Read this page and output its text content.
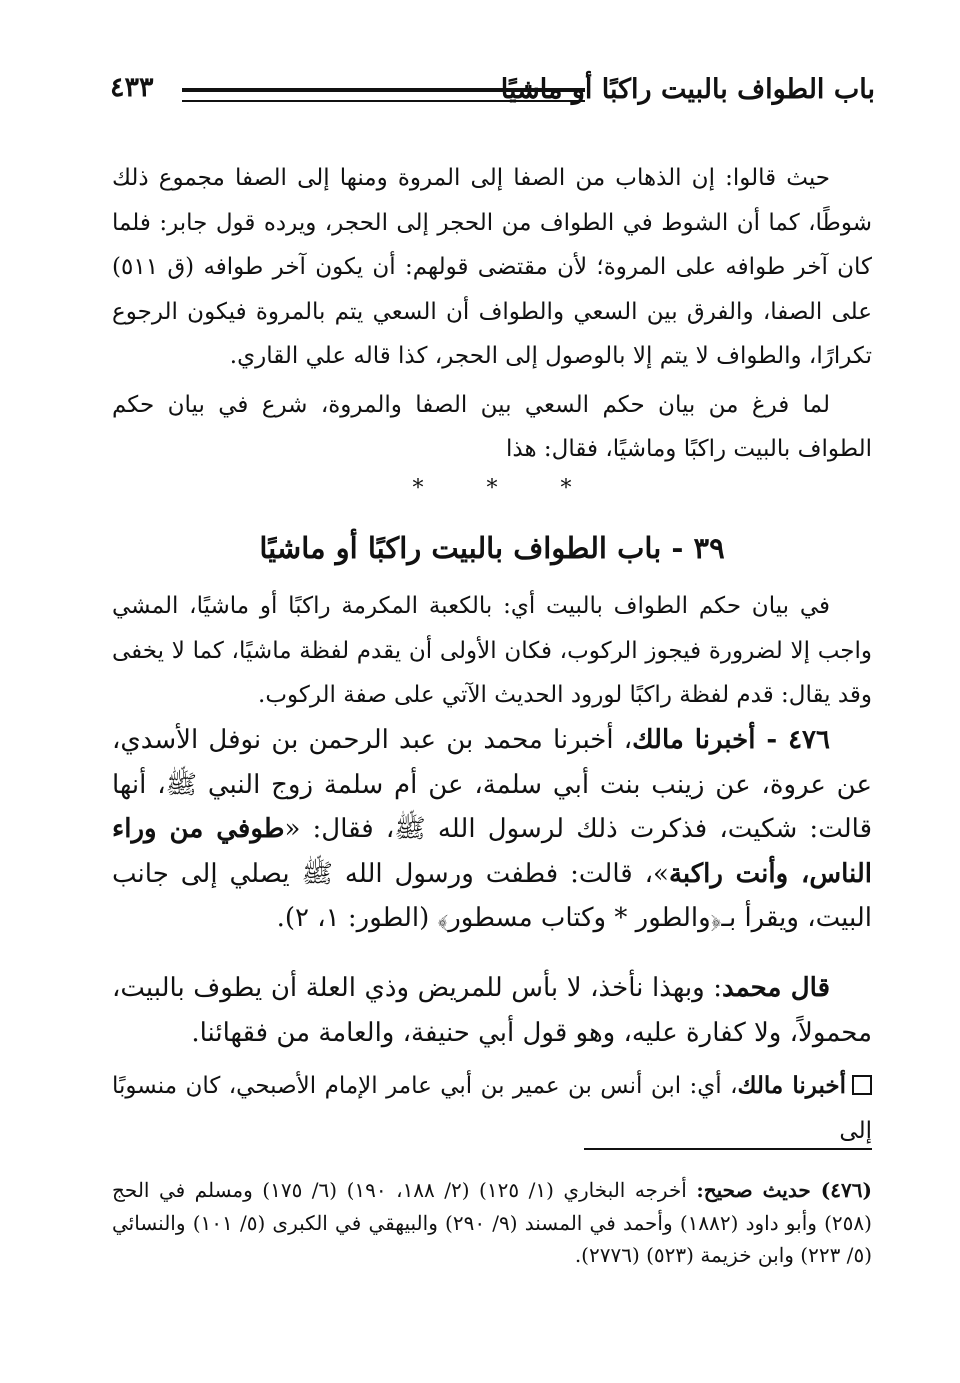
باب الطواف بالبيت راكبًا أو ماشيًا
٤٣٣

حيث قالوا: إن الذهاب من الصفا إلى المروة ومنها إلى الصفا مجموع ذلك شوطًا، كما أن الشوط في الطواف من الحجر إلى الحجر، ويرده قول جابر: فلما كان آخر طوافه على المروة؛ لأن مقتضى قولهم: أن يكون آخر طوافه (ق ٥١١) على الصفا، والفرق بين السعي والطواف أن السعي يتم بالمروة فيكون الرجوع تكرارًا، والطواف لا يتم إلا بالوصول إلى الحجر، كذا قاله علي القاري.

لما فرغ من بيان حكم السعي بين الصفا والمروة، شرع في بيان حكم الطواف بالبيت راكبًا وماشيًا، فقال: هذا

* * *
٣٩ - باب الطواف بالبيت راكبًا أو ماشيًا

في بيان حكم الطواف بالبيت أي: بالكعبة المكرمة راكبًا أو ماشيًا، المشي واجب إلا لضرورة فيجوز الركوب، فكان الأولى أن يقدم لفظة ماشيًا، كما لا يخفى وقد يقال: قدم لفظة راكبًا لورود الحديث الآتي على صفة الركوب.

٤٧٦ - أخبرنا مالك، أخبرنا محمد بن عبد الرحمن بن نوفل الأسدي، عن عروة، عن زينب بنت أبي سلمة، عن أم سلمة زوج النبي ﷺ، أنها قالت: شكيت، فذكرت ذلك لرسول الله ﷺ، فقال: «طوفي من وراء الناس، وأنت راكبة»، قالت: فطفت ورسول الله ﷺ يصلي إلى جانب البيت، ويقرأ بـ﴿والطور * وكتاب مسطور﴾ (الطور: ١، ٢).

قال محمد: وبهذا نأخذ، لا بأس للمريض وذي العلة أن يطوف بالبيت، محمولاً، ولا كفارة عليه، وهو قول أبي حنيفة، والعامة من فقهائنا.

أخبرنا مالك، أي: ابن أنس بن عمير بن أبي عامر الإمام الأصبحي، كان منسوبًا إلى

(٤٧٦) حديث صحيح: أخرجه البخاري (١/ ١٢٥) (٢/ ١٨٨، ١٩٠) (٦/ ١٧٥) ومسلم في الحج (٢٥٨) وأبو داود (١٨٨٢) وأحمد في المسند (٩/ ٢٩٠) والبيهقي في الكبرى (٥/ ١٠١) والنسائي (٥/ ٢٢٣) وابن خزيمة (٥٢٣) (٢٧٧٦).
